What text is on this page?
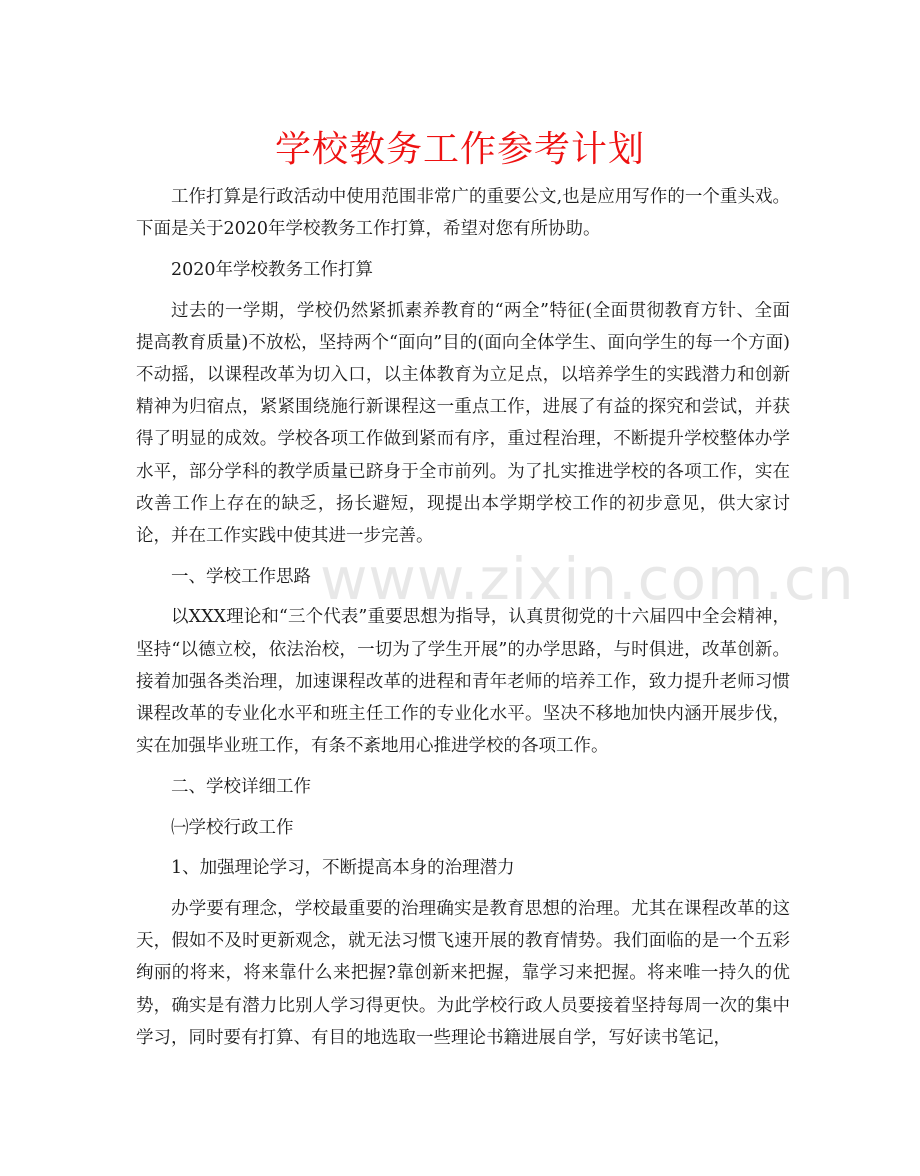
www.zixin.com.cn
学校教务工作参考计划

工作打算是行政活动中使用范围非常广的重要公文,也是应用写作的一个重头戏。下面是关于2020年学校教务工作打算，希望对您有所协助。

2020年学校教务工作打算

过去的一学期，学校仍然紧抓素养教育的“两全”特征(全面贯彻教育方针、全面提高教育质量)不放松，坚持两个“面向”目的(面向全体学生、面向学生的每一个方面)不动摇，以课程改革为切入口，以主体教育为立足点，以培养学生的实践潜力和创新精神为归宿点，紧紧围绕施行新课程这一重点工作，进展了有益的探究和尝试，并获得了明显的成效。学校各项工作做到紧而有序，重过程治理，不断提升学校整体办学水平，部分学科的教学质量已跻身于全市前列。为了扎实推进学校的各项工作，实在改善工作上存在的缺乏，扬长避短，现提出本学期学校工作的初步意见，供大家讨论，并在工作实践中使其进一步完善。

一、学校工作思路

以XXX理论和“三个代表”重要思想为指导，认真贯彻党的十六届四中全会精神，坚持“以德立校，依法治校，一切为了学生开展”的办学思路，与时俱进，改革创新。接着加强各类治理，加速课程改革的进程和青年老师的培养工作，致力提升老师习惯课程改革的专业化水平和班主任工作的专业化水平。坚决不移地加快内涵开展步伐，实在加强毕业班工作，有条不紊地用心推进学校的各项工作。

二、学校详细工作

㈠学校行政工作

1、加强理论学习，不断提高本身的治理潜力

办学要有理念，学校最重要的治理确实是教育思想的治理。尤其在课程改革的这天，假如不及时更新观念，就无法习惯飞速开展的教育情势。我们面临的是一个五彩绚丽的将来，将来靠什么来把握?靠创新来把握，靠学习来把握。将来唯一持久的优势，确实是有潜力比别人学习得更快。为此学校行政人员要接着坚持每周一次的集中学习，同时要有打算、有目的地选取一些理论书籍进展自学，写好读书笔记，
